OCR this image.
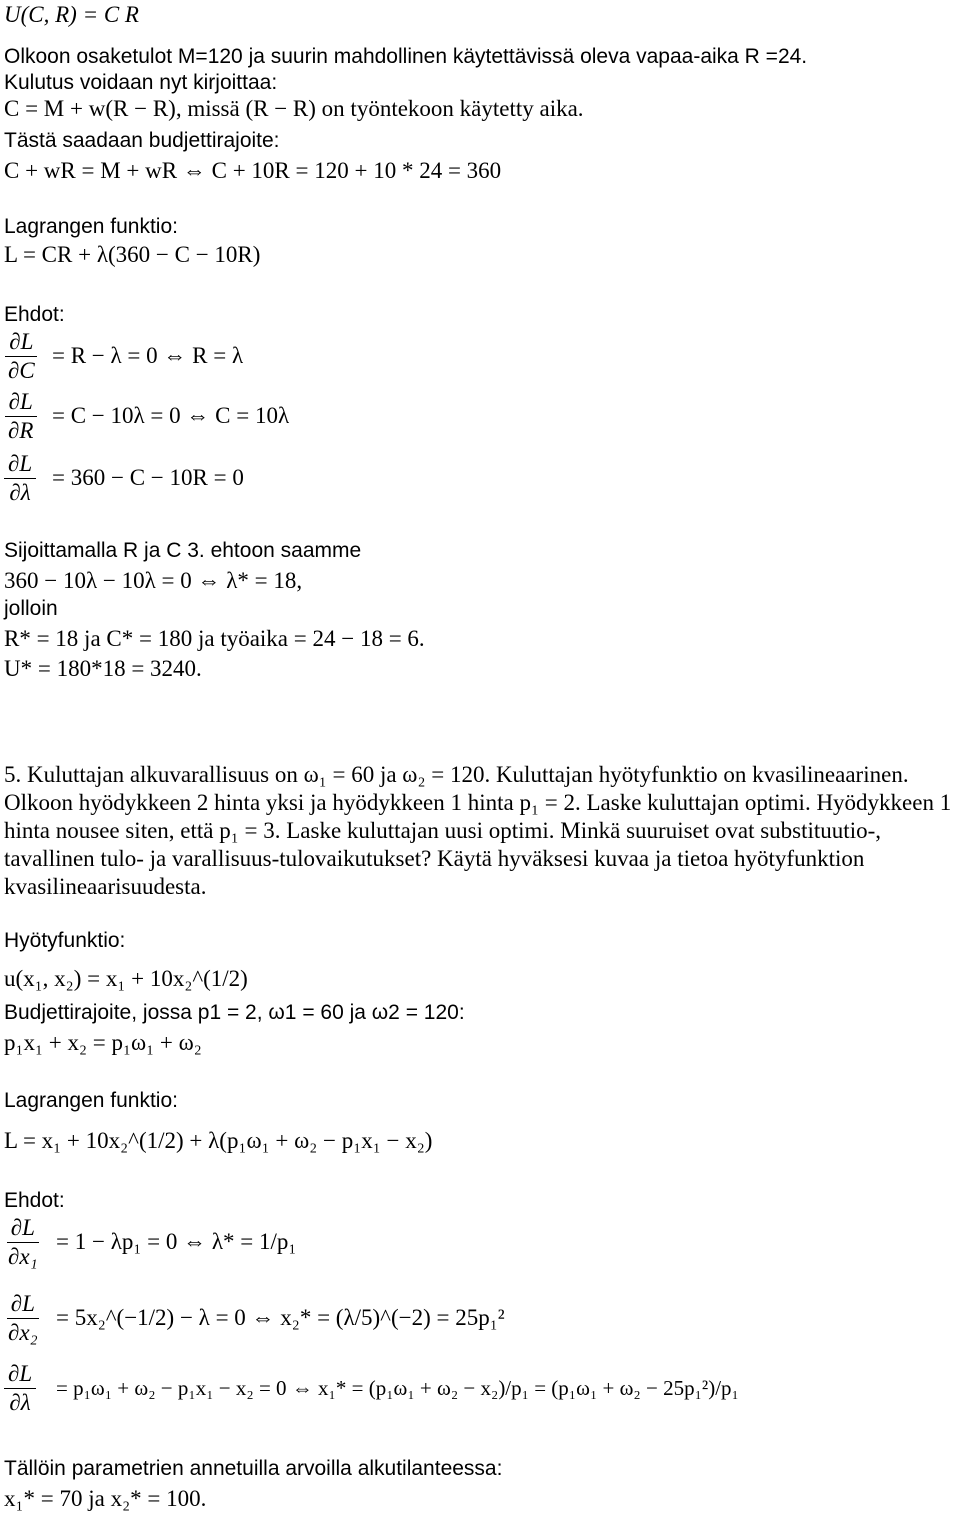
U(C, R) = C R
Olkoon osaketulot M=120 ja suurin mahdollinen käytettävissä oleva vapaa-aika R =24.
Kulutus voidaan nyt kirjoittaa:
C = M + w(R − R), missä (R − R) on työntekoon käytetty aika.
Tästä saadaan budjettirajoite:
C + wR = M + wR ⇔ C + 10R = 120 + 10 * 24 = 360
Lagrangen funktio:
L = CR + λ(360 − C − 10R)
Ehdot:
$\frac{\partial L}{\partial C} = R - \lambda = 0$ ⇔ R = λ
$\frac{\partial L}{\partial R} = C - 10\lambda = 0$ ⇔ C = 10λ
$\frac{\partial L}{\partial\lambda} = 360 - C - 10R = 0$
Sijoittamalla R ja C 3. ehtoon saamme
360 − 10λ − 10λ = 0 ⇔ λ* = 18,
jolloin
R* = 18 ja C* = 180 ja työaika = 24 − 18 = 6.
U* = 180*18 = 3240.
5. Kuluttajan alkuvarallisuus on ω₁ = 60 ja ω₂ = 120. Kuluttajan hyötyfunktio on kvasilineaarinen.
Olkoon hyödykkeen 2 hinta yksi ja hyödykkeen 1 hinta p₁ = 2. Laske kuluttajan optimi. Hyödykkeen 1
hinta nousee siten, että p₁ = 3. Laske kuluttajan uusi optimi. Minkä suuruiset ovat substituutio-,
tavallinen tulo- ja varallisuus-tulovaikutukset? Käytä hyväksesi kuvaa ja tietoa hyötyfunktion
kvasilineaarisuudesta.
Hyötyfunktio:
u(x₁, x₂) = x₁ + 10x₂^(1/2)
Budjettirajoite, jossa p1 = 2, ω1 = 60 ja ω2 = 120:
p₁x₁ + x₂ = p₁ω₁ + ω₂
Lagrangen funktio:
L = x₁ + 10x₂^(1/2) + λ(p₁ω₁ + ω₂ − p₁x₁ − x₂)
Ehdot:
$\frac{\partial L}{\text{∂x₁}} = 1 - \lambda p_1 = 0$ ⇔ λ* = 1/p₁
$\frac{\partial L}{\text{∂x₂}}$ = 5x₂^(−1/2) − λ = 0 ⇔ x₂* = (λ/5)^(−2) = 25p₁²
$\frac{\partial L}{\partial\lambda} = p_1\omega_1 + \omega_2 - p_1x_1 - x_2 = 0$ ⇔ x₁* = (p₁ω₁ + ω₂ − x₂)/p₁ = (p₁ω₁ + ω₂ − 25p₁²)/p₁
Tällöin parametrien annetuilla arvoilla alkutilanteessa:
x₁* = 70 ja x₂* = 100.
